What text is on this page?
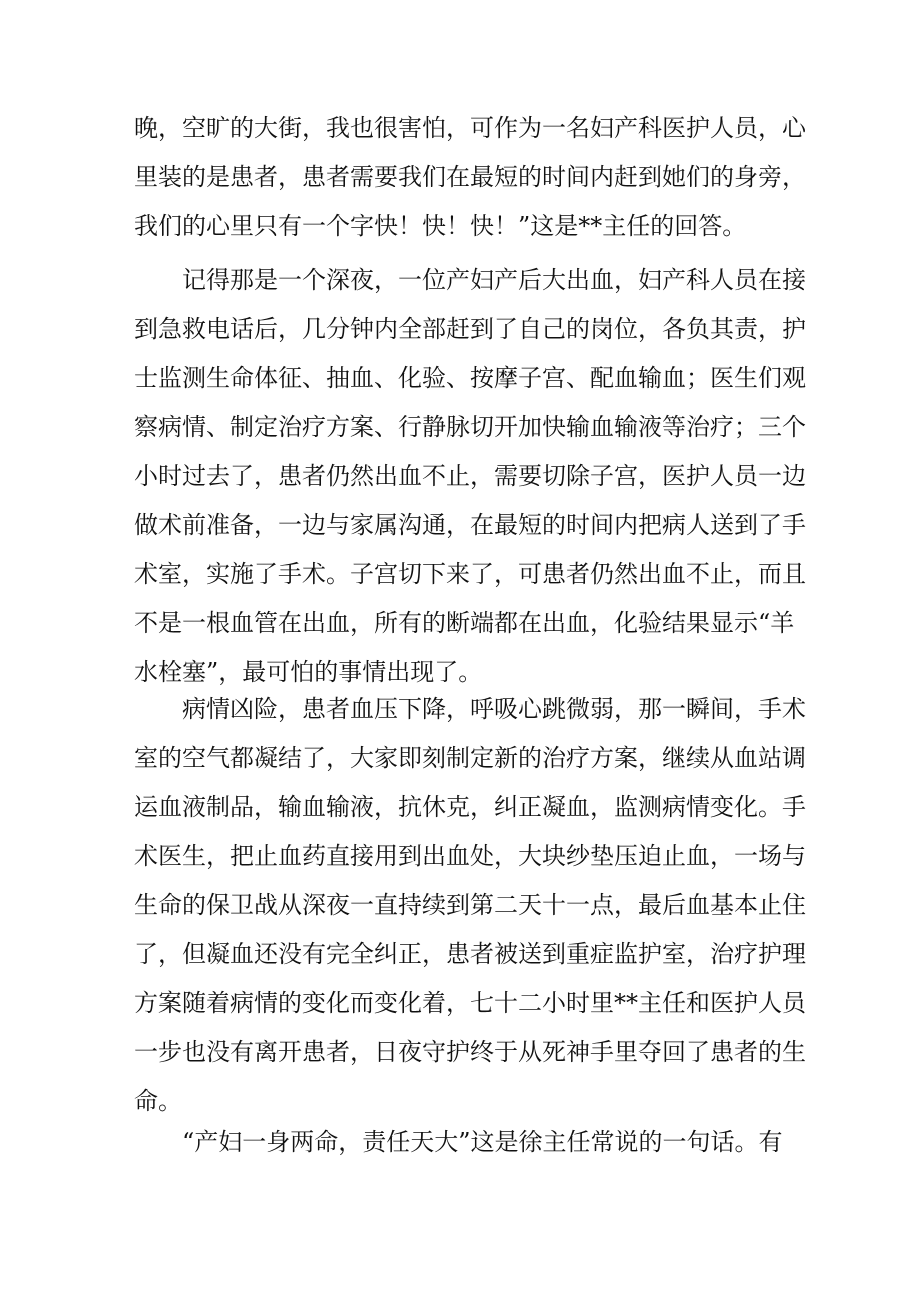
晚，空旷的大街，我也很害怕，可作为一名妇产科医护人员，心
里装的是患者，患者需要我们在最短的时间内赶到她们的身旁，
我们的心里只有一个字快！快！快！”这是**主任的回答。
　　记得那是一个深夜，一位产妇产后大出血，妇产科人员在接
到急救电话后，几分钟内全部赶到了自己的岗位，各负其责，护
士监测生命体征、抽血、化验、按摩子宫、配血输血；医生们观
察病情、制定治疗方案、行静脉切开加快输血输液等治疗；三个
小时过去了，患者仍然出血不止，需要切除子宫，医护人员一边
做术前准备，一边与家属沟通，在最短的时间内把病人送到了手
术室，实施了手术。子宫切下来了，可患者仍然出血不止，而且
不是一根血管在出血，所有的断端都在出血，化验结果显示“羊
水栓塞”，最可怕的事情出现了。
　　病情凶险，患者血压下降，呼吸心跳微弱，那一瞬间，手术
室的空气都凝结了，大家即刻制定新的治疗方案，继续从血站调
运血液制品，输血输液，抗休克，纠正凝血，监测病情变化。手
术医生，把止血药直接用到出血处，大块纱垫压迫止血，一场与
生命的保卫战从深夜一直持续到第二天十一点，最后血基本止住
了，但凝血还没有完全纠正，患者被送到重症监护室，治疗护理
方案随着病情的变化而变化着，七十二小时里**主任和医护人员
一步也没有离开患者，日夜守护终于从死神手里夺回了患者的生
命。
　　“产妇一身两命，责任天大”这是徐主任常说的一句话。有
